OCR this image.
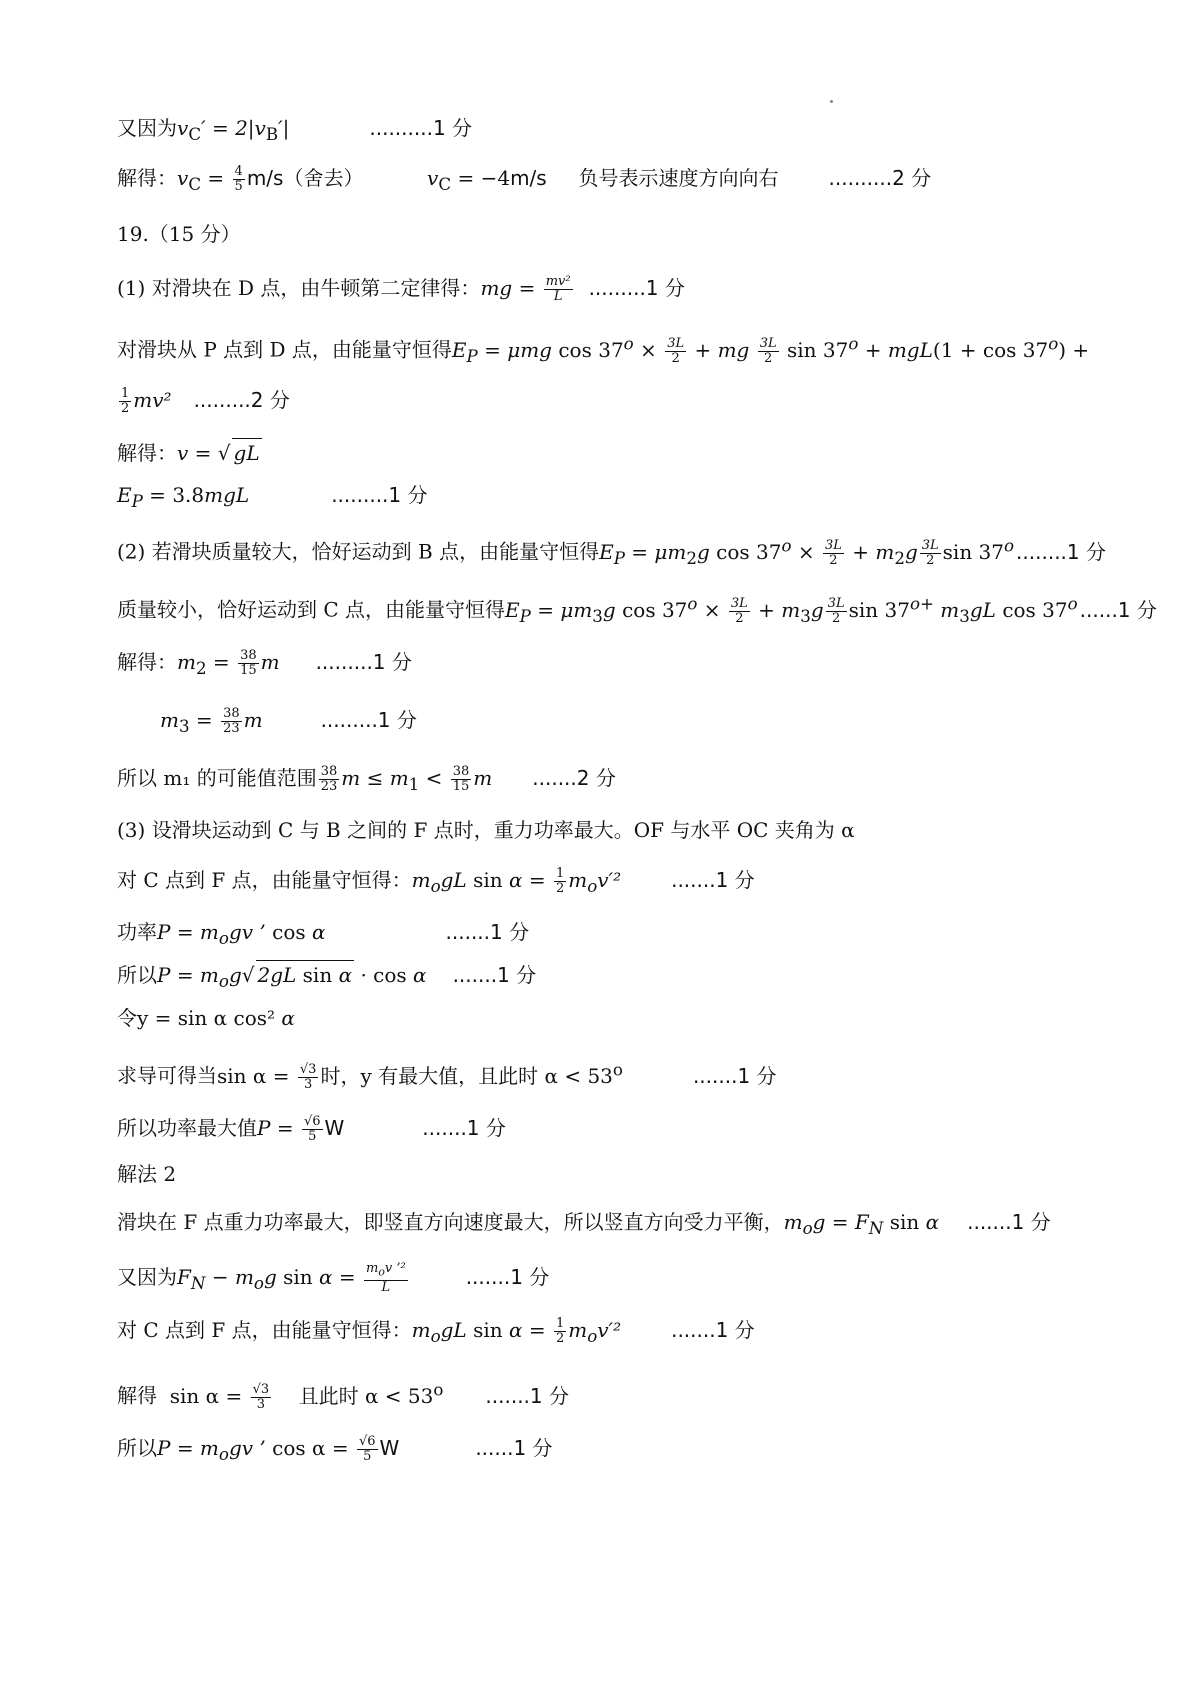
又因为$v_C' = 2|v_B'|$	..........1 分
解得：$v_C = \frac{4}{5} m/s$（舍去）          $v_C = -4m/s$     负号表示速度方向向右	..........2 分
19.（15 分）
(1) 对滑块在 D 点，由牛顿第二定律得：mg = $\frac{\text{mv²}}{L} .........1$ 分
对滑块从 P 点到 D 点，由能量守恒得$E_P = \mu mg$ $\cos 37^o \times \frac{3L}{2}$ + mg $\frac{3L}{2}$ $\sin 37^o + mgL(1 + \cos 37^o)$ +
$\frac{1}{2} mv^2$ .........2 分
解得：v = √ gL
$E_P = 3.8mgL$	.........1 分
(2) 若滑块质量较大，恰好运动到 B 点，由能量守恒得$E_P = \mu m_2g$ $\cos 37^o \times \frac{3L}{2} + m_2g \frac{3L}{2}$ sin 37$^o$ ........1 分
质量较小，恰好运动到 C 点，由能量守恒得$E_P = \mu m_3g$ $\cos 37^o \times \frac{3L}{2} + m_3g \frac{3L}{2}$ $\sin 37^{o+}$ $m_3gL$ cos 37$^o$ ......1 分
解得：$m_2 = \frac{38}{15}$ m .........1 分
$m_3 = \frac{38}{23}$ m	.........1 分
所以 m₁ 的可能值范围 $\frac{38}{23}$ $m \le m_1 < \frac{38}{15}$ m .......2 分
(3) 设滑块运动到 C 与 B 之间的 F 点时，重力功率最大。OF 与水平 OC 夹角为 α
对 C 点到 F 点，由能量守恒得：$m_ogL$ $\sin \alpha = \frac{1}{2} m_ov'^2$	.......1 分
功率$P = m_ogv$ ’ cos α	.......1 分
所以$P = m_og√$ 2gL sin α · cos α .......1 分
令y = sin α cos² α
求导可得当$\sin \alpha = \frac{√3}{3}$ 时，y 有最大值，且此时 $\alpha < 53^o$	.......1 分
所以功率最大值$P = \frac{√6}{5}$ W	.......1 分
解法 2
滑块在 F 点重力功率最大，即竖直方向速度最大，所以竖直方向受力平衡，$m_og = F_N$ sin α .......1 分
又因为$F_N - m_og$ $\sin \alpha = \frac{m_ov ’^2}{L}$	.......1 分
对 C 点到 F 点，由能量守恒得：$m_ogL$ $\sin \alpha = \frac{1}{2} m_ov'^2$	.......1 分
解得  $\sin \alpha = \frac{√3}{3}$ 且此时 $\alpha < 53^o$ .......1 分
所以$P = m_ogv$ ’ $\cos \alpha = \frac{√6}{5}$ W	......1 分
